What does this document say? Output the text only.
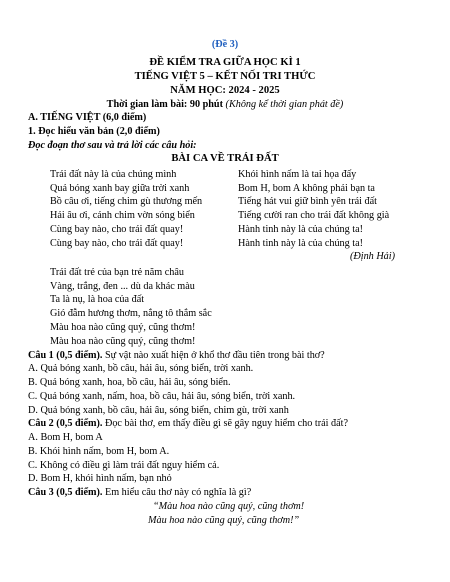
(Đề 3)
ĐỀ KIỂM TRA GIỮA HỌC KÌ 1
TIẾNG VIỆT 5 – KẾT NỐI TRI THỨC
NĂM HỌC: 2024 - 2025
Thời gian làm bài: 90 phút (Không kể thời gian phát đề)
A. TIẾNG VIỆT (6,0 điểm)
1. Đọc hiểu văn bản (2,0 điểm)
Đọc đoạn thơ sau và trả lời các câu hỏi:
BÀI CA VỀ TRÁI ĐẤT
Trái đất này là của chúng mình
Quả bóng xanh bay giữa trời xanh
Bồ câu ơi, tiếng chim gù thương mến
Hải âu ơi, cánh chim vờn sóng biển
Cùng bay nào, cho trái đất quay!
Cùng bay nào, cho trái đất quay!
Khói hình nấm là tai họa đấy
Bom H, bom A không phải bạn ta
Tiếng hát vui giữ bình yên trái đất
Tiếng cười ran cho trái đất không già
Hành tinh này là của chúng ta!
Hành tinh này là của chúng ta!
(Định Hải)
Trái đất trẻ của bạn trẻ năm châu
Vàng, trắng, đen ... dù da khác màu
Ta là nụ, là hoa của đất
Gió đẫm hương thơm, nắng tô thắm sắc
Màu hoa nào cũng quý, cũng thơm!
Màu hoa nào cũng quý, cũng thơm!
Câu 1 (0,5 điểm). Sự vật nào xuất hiện ở khổ thơ đầu tiên trong bài thơ?
A. Quả bóng xanh, bồ câu, hải âu, sóng biển, trời xanh.
B. Quả bóng xanh, hoa, bồ câu, hải âu, sóng biển.
C. Quả bóng xanh, nấm, hoa, bồ câu, hải âu, sóng biển, trời xanh.
D. Quả bóng xanh, bồ câu, hải âu, sóng biển, chim gù, trời xanh
Câu 2 (0,5 điểm). Đọc bài thơ, em thấy điều gì sẽ gây nguy hiểm cho trái đất?
A. Bom H, bom A
B. Khói hình nấm, bom H, bom A.
C. Không có điều gì làm trái đất nguy hiểm cả.
D. Bom H, khói hình nấm, bạn nhỏ
Câu 3 (0,5 điểm). Em hiểu câu thơ này có nghĩa là gì?
“Màu hoa nào cũng quý, cũng thơm!
Màu hoa nào cũng quý, cũng thơm!”
